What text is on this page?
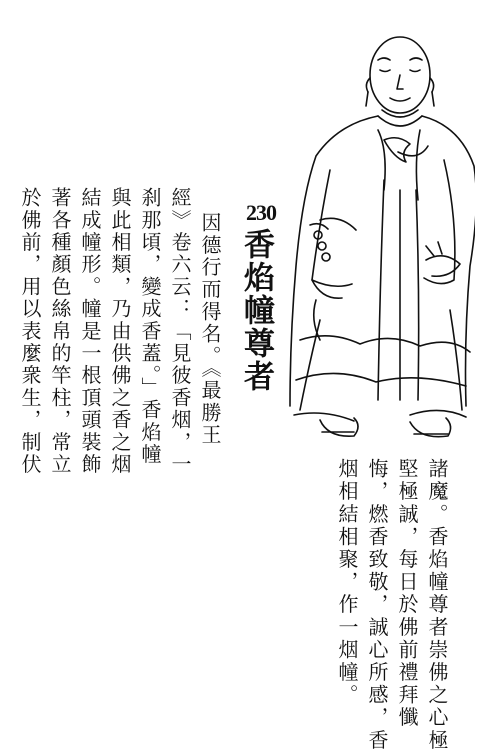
230
香焰幢尊者
因德行而得名。《最勝王
經》卷六云：「見彼香烟，一
刹那頃，變成香蓋。」香焰幢
與此相類，乃由供佛之香之烟
結成幢形。幢是一根頂頭裝飾
著各種顏色絲帛的竿柱，常立
於佛前，用以表麼衆生，制伏
諸魔。香焰幢尊者崇佛之心極
堅極誠，每日於佛前禮拜懺
悔，燃香致敬，誠心所感，香
烟相結相聚，作一烟幢。
